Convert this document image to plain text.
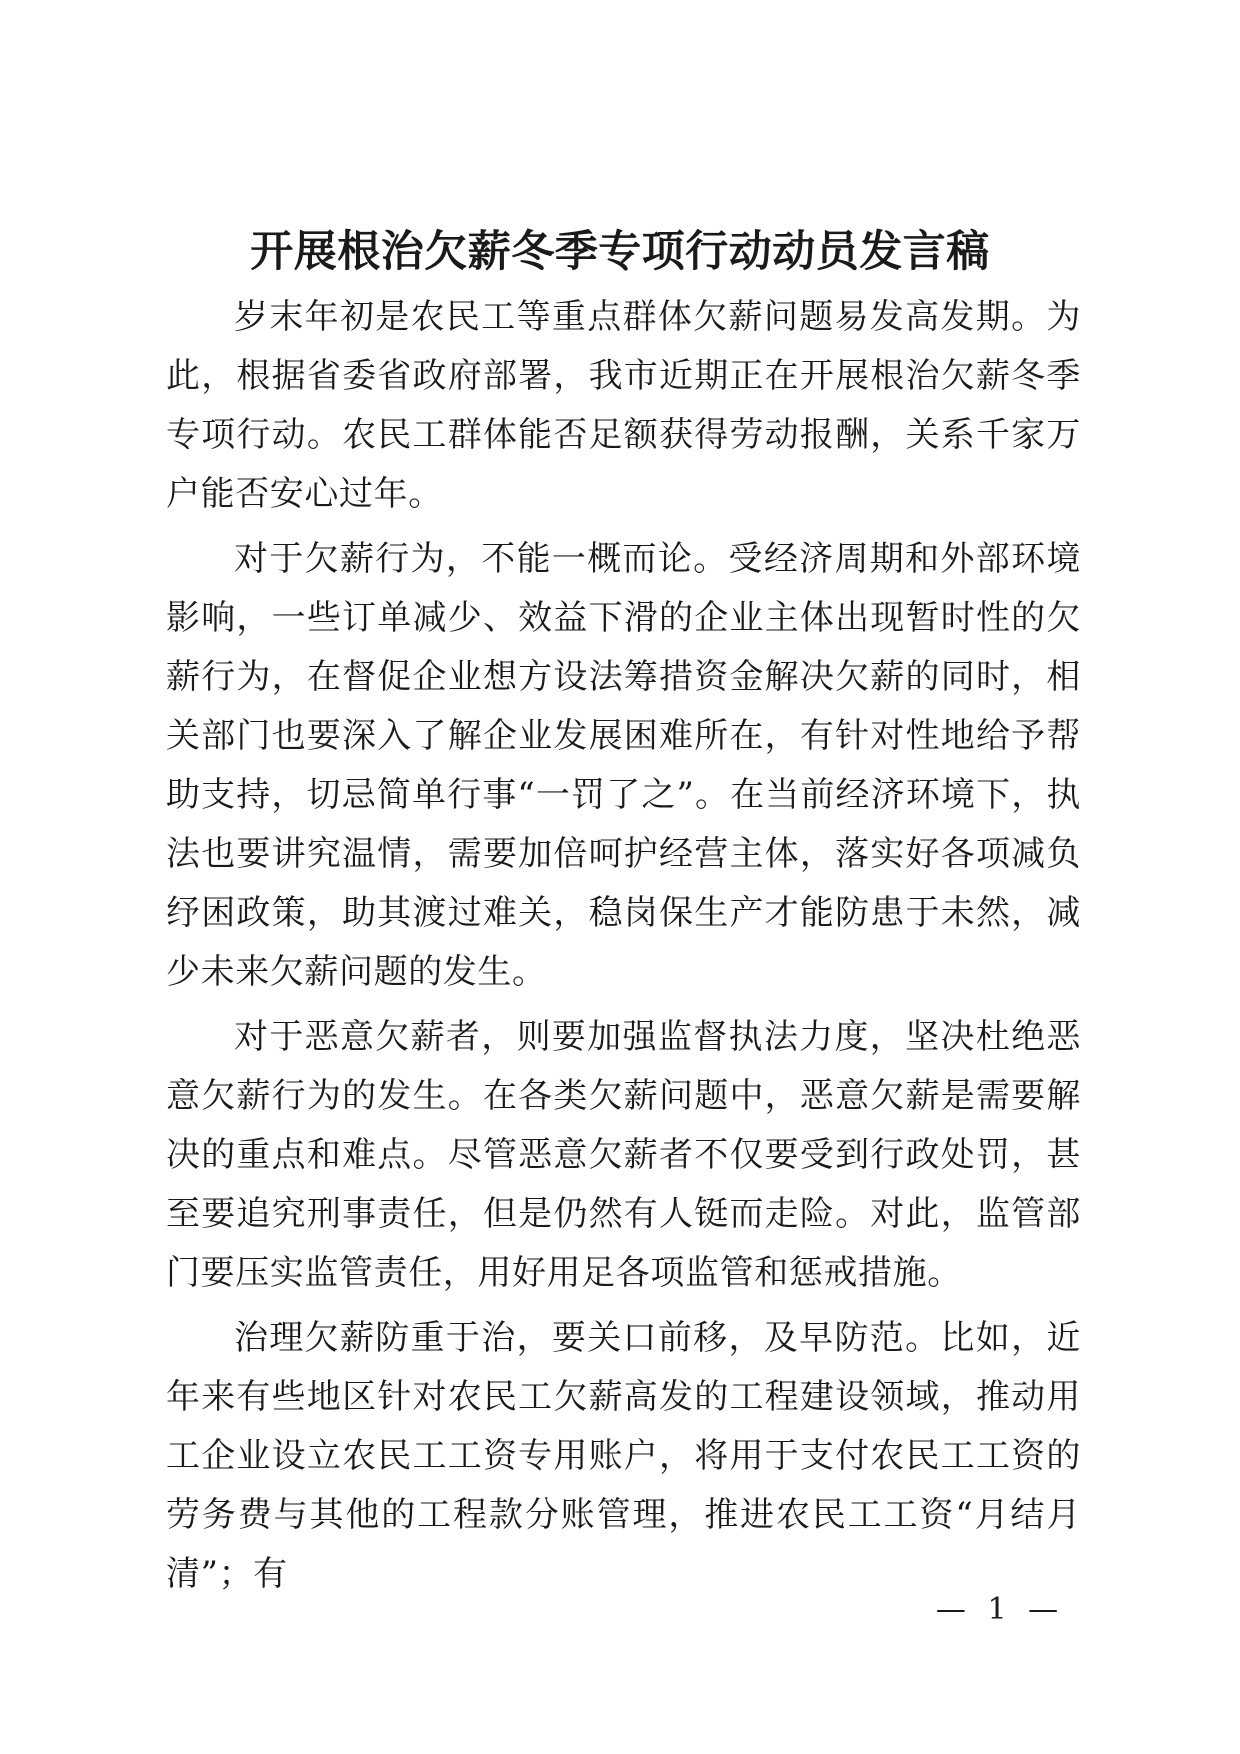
开展根治欠薪冬季专项行动动员发言稿

岁末年初是农民工等重点群体欠薪问题易发高发期。为此，根据省委省政府部署，我市近期正在开展根治欠薪冬季专项行动。农民工群体能否足额获得劳动报酬，关系千家万户能否安心过年。

对于欠薪行为，不能一概而论。受经济周期和外部环境影响，一些订单减少、效益下滑的企业主体出现暂时性的欠薪行为，在督促企业想方设法筹措资金解决欠薪的同时，相关部门也要深入了解企业发展困难所在，有针对性地给予帮助支持，切忌简单行事“一罚了之”。在当前经济环境下，执法也要讲究温情，需要加倍呵护经营主体，落实好各项减负纾困政策，助其渡过难关，稳岗保生产才能防患于未然，减少未来欠薪问题的发生。

对于恶意欠薪者，则要加强监督执法力度，坚决杜绝恶意欠薪行为的发生。在各类欠薪问题中，恶意欠薪是需要解决的重点和难点。尽管恶意欠薪者不仅要受到行政处罚，甚至要追究刑事责任，但是仍然有人铤而走险。对此，监管部门要压实监管责任，用好用足各项监管和惩戒措施。

治理欠薪防重于治，要关口前移，及早防范。比如，近年来有些地区针对农民工欠薪高发的工程建设领域，推动用工企业设立农民工工资专用账户，将用于支付农民工工资的劳务费与其他的工程款分账管理，推进农民工工资“月结月清”；有

— 1 —
